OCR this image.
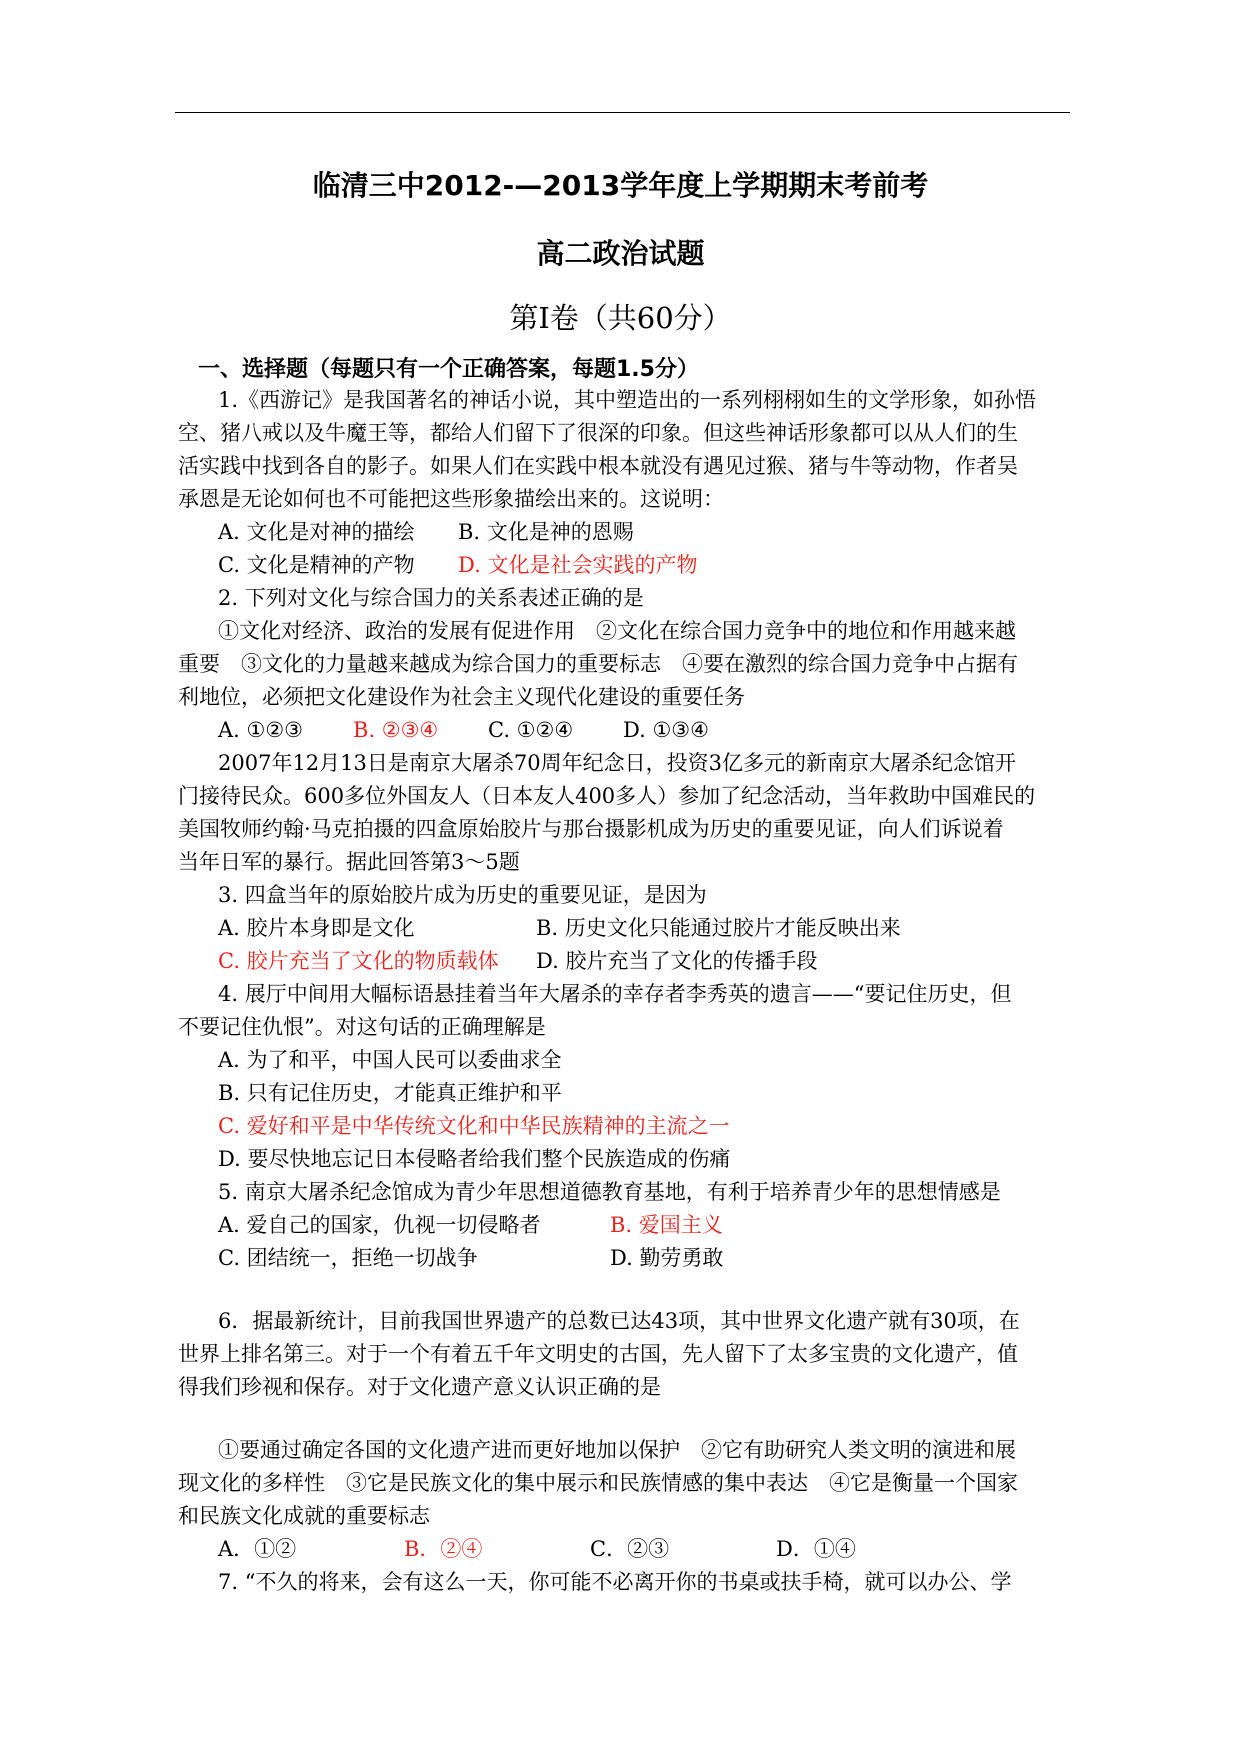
临清三中2012-—2013学年度上学期期末考前考
高二政治试题
第Ⅰ卷（共60分）
一、选择题（每题只有一个正确答案，每题1.5分）
1.《西游记》是我国著名的神话小说，其中塑造出的一系列栩栩如生的文学形象，如孙悟
空、猪八戒以及牛魔王等，都给人们留下了很深的印象。但这些神话形象都可以从人们的生
活实践中找到各自的影子。如果人们在实践中根本就没有遇见过猴、猪与牛等动物，作者吴
承恩是无论如何也不可能把这些形象描绘出来的。这说明：
A. 文化是对神的描绘 B. 文化是神的恩赐
C. 文化是精神的产物 D. 文化是社会实践的产物
2. 下列对文化与综合国力的关系表述正确的是
①文化对经济、政治的发展有促进作用　②文化在综合国力竞争中的地位和作用越来越
重要　③文化的力量越来越成为综合国力的重要标志　④要在激烈的综合国力竞争中占据有
利地位，必须把文化建设作为社会主义现代化建设的重要任务
A. ①②③ B. ②③④ C. ①②④ D. ①③④
2007年12月13日是南京大屠杀70周年纪念日，投资3亿多元的新南京大屠杀纪念馆开
门接待民众。600多位外国友人（日本友人400多人）参加了纪念活动，当年救助中国难民的
美国牧师约翰·马克拍摄的四盒原始胶片与那台摄影机成为历史的重要见证，向人们诉说着
当年日军的暴行。据此回答第3～5题
3. 四盒当年的原始胶片成为历史的重要见证，是因为
A. 胶片本身即是文化	B. 历史文化只能通过胶片才能反映出来
C. 胶片充当了文化的物质载体 D. 胶片充当了文化的传播手段
4. 展厅中间用大幅标语悬挂着当年大屠杀的幸存者李秀英的遗言——“要记住历史，但
不要记住仇恨”。对这句话的正确理解是
A. 为了和平，中国人民可以委曲求全
B. 只有记住历史，才能真正维护和平
C. 爱好和平是中华传统文化和中华民族精神的主流之一
D. 要尽快地忘记日本侵略者给我们整个民族造成的伤痛
5. 南京大屠杀纪念馆成为青少年思想道德教育基地，有利于培养青少年的思想情感是
A. 爱自己的国家，仇视一切侵略者	B. 爱国主义
C. 团结统一，拒绝一切战争	D. 勤劳勇敢
6．据最新统计，目前我国世界遗产的总数已达43项，其中世界文化遗产就有30项，在
世界上排名第三。对于一个有着五千年文明史的古国，先人留下了太多宝贵的文化遗产，值
得我们珍视和保存。对于文化遗产意义认识正确的是
①要通过确定各国的文化遗产进而更好地加以保护　②它有助研究人类文明的演进和展
现文化的多样性　③它是民族文化的集中展示和民族情感的集中表达　④它是衡量一个国家
和民族文化成就的重要标志
A．①②	B．②④	C．②③	D．①④
7. “不久的将来，会有这么一天，你可能不必离开你的书桌或扶手椅，就可以办公、学
